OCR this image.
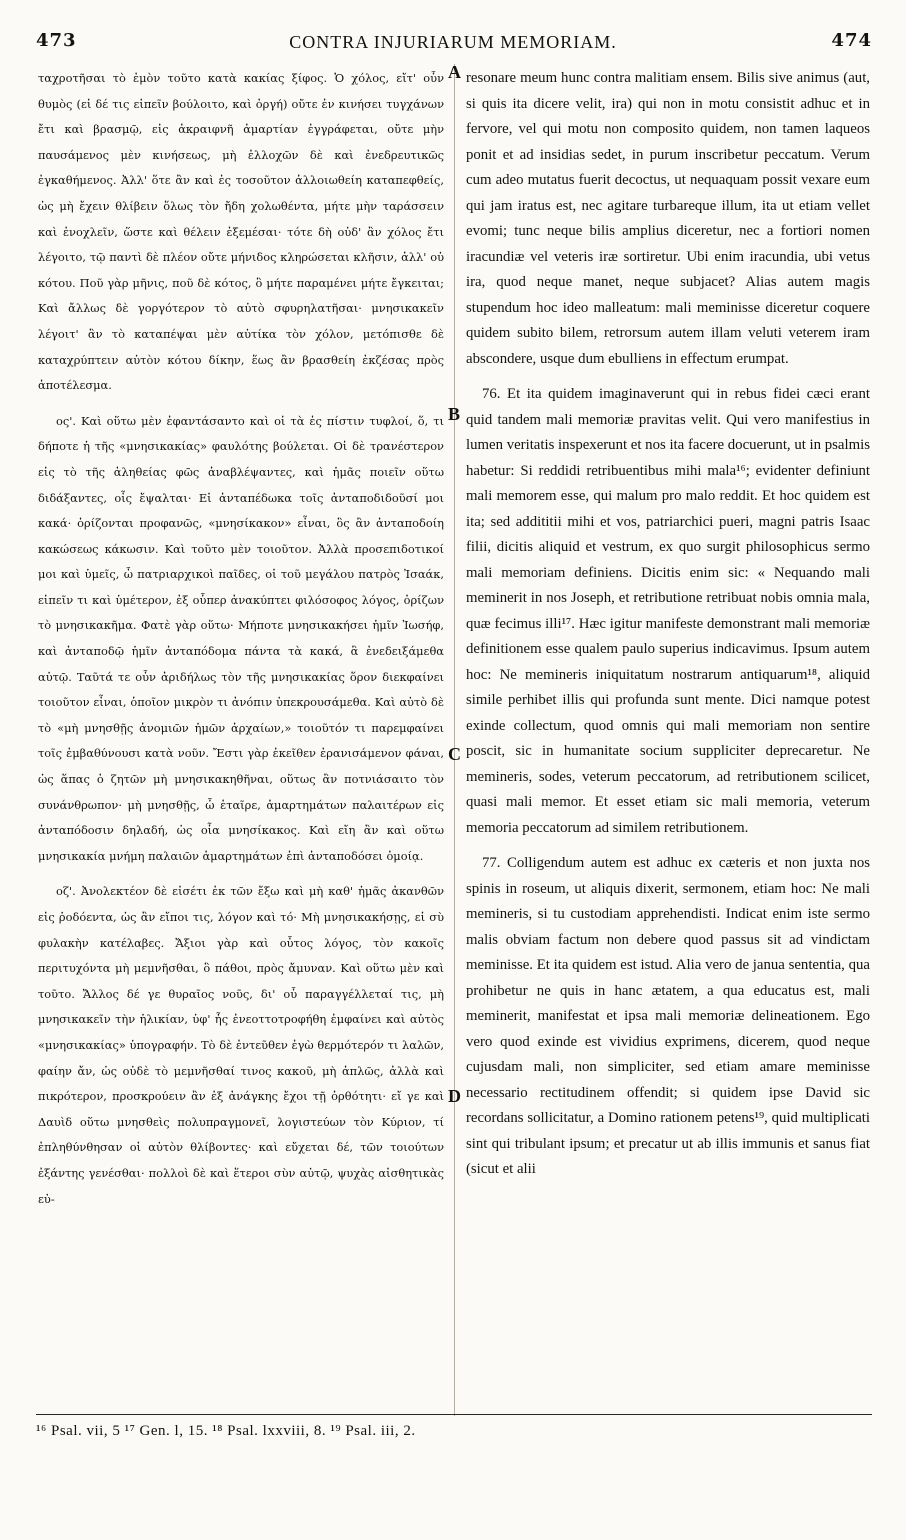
473	CONTRA INJURIARUM MEMORIAM.	474
A
B
C
D

ταχροτῆσαι τὸ ἐμὸν τοῦτο κατὰ κακίας ξίφος. Ὁ χόλος, εἴτ' οὖν θυμὸς (εἰ δέ τις εἰπεῖν βούλοιτο, καὶ ὀργή) οὔτε ἐν κινήσει τυγχάνων ἔτι καὶ βρασμῷ, εἰς ἀκραιφνῆ ἁμαρτίαν ἐγγράφεται, οὔτε μὴν παυσάμενος μὲν κινήσεως, μὴ ἐλλοχῶν δὲ καὶ ἐνεδρευτικῶς ἐγκαθήμενος. Ἀλλ' ὅτε ἂν καὶ ἐς τοσοῦτον ἀλλοιωθείη καταπεφθείς, ὡς μὴ ἔχειν θλίβειν ὅλως τὸν ἤδη χολωθέντα, μήτε μὴν ταράσσειν καὶ ἐνοχλεῖν, ὥστε καὶ θέλειν ἐξεμέσαι· τότε δὴ οὐδ' ἂν χόλος ἔτι λέγοιτο, τῷ παντὶ δὲ πλέον οὔτε μήνιδος κληρώσεται κλῆσιν, ἀλλ' οὐ κότου. Ποῦ γὰρ μῆνις, ποῦ δὲ κότος, ὃ μήτε παραμένει μήτε ἔγκειται; Καὶ ἄλλως δὲ γοργότερον τὸ αὐτὸ σφυρηλατῆσαι· μνησικακεῖν λέγοιτ' ἂν τὸ καταπέψαι μὲν αὐτίκα τὸν χόλον, μετόπισθε δὲ καταχρύπτειν αὐτὸν κότου δίκην, ἕως ἂν βρασθείη ἐκζέσας πρὸς ἀποτέλεσμα.

ος'. Καὶ οὕτω μὲν ἐφαντάσαντο καὶ οἱ τὰ ἐς πίστιν τυφλοί, ὅ, τι δήποτε ἡ τῆς «μνησικακίας» φαυλότης βούλεται. Οἱ δὲ τρανέστερον εἰς τὸ τῆς ἀληθείας φῶς ἀναβλέψαντες, καὶ ἡμᾶς ποιεῖν οὕτω διδάξαντες, οἷς ἔψαλται· Εἰ ἀνταπέδωκα τοῖς ἀνταποδιδοῦσί μοι κακά· ὁρίζονται προφανῶς, «μνησίκακον» εἶναι, ὃς ἂν ἀνταποδοίη κακώσεως κάκωσιν. Καὶ τοῦτο μὲν τοιοῦτον. Ἀλλὰ προσεπιδοτικοί μοι καὶ ὑμεῖς, ὦ πατριαρχικοὶ παῖδες, οἱ τοῦ μεγάλου πατρὸς Ἰσαάκ, εἰπεῖν τι καὶ ὑμέτερον, ἐξ οὗπερ ἀνακύπτει φιλόσοφος λόγος, ὁρίζων τὸ μνησικακῆμα. Φατὲ γὰρ οὕτω· Μήποτε μνησικακήσει ἡμῖν Ἰωσήφ, καὶ ἀνταποδῷ ἡμῖν ἀνταπόδομα πάντα τὰ κακά, ἃ ἐνεδειξάμεθα αὐτῷ. Ταῦτά τε οὖν ἀριδήλως τὸν τῆς μνησικακίας ὅρον διεκφαίνει τοιοῦτον εἶναι, ὁποῖον μικρὸν τι ἀνόπιν ὑπεκρουσάμεθα. Καὶ αὐτὸ δὲ τὸ «μὴ μνησθῇς ἀνομιῶν ἡμῶν ἀρχαίων,» τοιοῦτόν τι παρεμφαίνει τοῖς ἐμβαθύνουσι κατὰ νοῦν. Ἔστι γὰρ ἐκεῖθεν ἐρανισάμενον φάναι, ὡς ἅπας ὁ ζητῶν μὴ μνησικακηθῆναι, οὕτως ἂν ποτνιάσαιτο τὸν συνάνθρωπον· μὴ μνησθῇς, ὦ ἑταῖρε, ἁμαρτημάτων παλαιτέρων εἰς ἀνταπόδοσιν δηλαδή, ὡς οἷα μνησίκακος. Καὶ εἴη ἂν καὶ οὕτω μνησικακία μνήμη παλαιῶν ἁμαρτημάτων ἐπὶ ἀνταποδόσει ὁμοίᾳ.

οζ'. Ἀνολεκτέον δὲ εἰσέτι ἐκ τῶν ἔξω καὶ μὴ καθ' ἡμᾶς ἀκανθῶν εἰς ῥοδόεντα, ὡς ἂν εἴποι τις, λόγον καὶ τό· Μὴ μνησικακήσῃς, εἰ σὺ φυλακὴν κατέλαβες. Ἄξιοι γὰρ καὶ οὗτος λόγος, τὸν κακοῖς περιτυχόντα μὴ μεμνῆσθαι, ὃ πάθοι, πρὸς ἄμυναν. Καὶ οὕτω μὲν καὶ τοῦτο. Ἄλλος δέ γε θυραῖος νοῦς, δι' οὗ παραγγέλλεταί τις, μὴ μνησικακεῖν τὴν ἡλικίαν, ὑφ' ἧς ἐνεοττοτροφήθη ἐμφαίνει καὶ αὐτὸς «μνησικακίας» ὑπογραφήν. Τὸ δὲ ἐντεῦθεν ἐγὼ θερμότερόν τι λαλῶν, φαίην ἄν, ὡς οὐδὲ τὸ μεμνῆσθαί τινος κακοῦ, μὴ ἁπλῶς, ἀλλὰ καὶ πικρότερον, προσκρούειν ἂν ἐξ ἀνάγκης ἔχοι τῇ ὀρθότητι· εἴ γε καὶ Δαυὶδ οὕτω μνησθεὶς πολυπραγμονεῖ, λογιστεύων τὸν Κύριον, τί ἐπληθύνθησαν οἱ αὐτὸν θλίβοντες· καὶ εὔχεται δέ, τῶν τοιούτων ἐξάντης γενέσθαι· πολλοὶ δὲ καὶ ἕτεροι σὺν αὐτῷ, ψυχὰς αἰσθητικὰς εὐ-

resonare meum hunc contra malitiam ensem. Bilis sive animus (aut, si quis ita dicere velit, ira) qui non in motu consistit adhuc et in fervore, vel qui motu non composito quidem, non tamen laqueos ponit et ad insidias sedet, in purum inscribetur peccatum. Verum cum adeo mutatus fuerit decoctus, ut nequaquam possit vexare eum qui jam iratus est, nec agitare turbareque illum, ita ut etiam vellet evomi; tunc neque bilis amplius diceretur, nec a fortiori nomen iracundiæ vel veteris iræ sortiretur. Ubi enim iracundia, ubi vetus ira, quod neque manet, neque subjacet? Alias autem magis stupendum hoc ideo malleatum: mali meminisse diceretur coquere quidem subito bilem, retrorsum autem illam veluti veterem iram abscondere, usque dum ebulliens in effectum erumpat.

76. Et ita quidem imaginaverunt qui in rebus fidei cæci erant quid tandem mali memoriæ pravitas velit. Qui vero manifestius in lumen veritatis inspexerunt et nos ita facere docuerunt, ut in psalmis habetur: Si reddidi retribuentibus mihi mala¹⁶; evidenter definiunt mali memorem esse, qui malum pro malo reddit. Et hoc quidem est ita; sed addititii mihi et vos, patriarchici pueri, magni patris Isaac filii, dicitis aliquid et vestrum, ex quo surgit philosophicus sermo mali memoriam definiens. Dicitis enim sic: « Nequando mali meminerit in nos Joseph, et retributione retribuat nobis omnia mala, quæ fecimus illi¹⁷. Hæc igitur manifeste demonstrant mali memoriæ definitionem esse qualem paulo superius indicavimus. Ipsum autem hoc: Ne memineris iniquitatum nostrarum antiquarum¹⁸, aliquid simile perhibet illis qui profunda sunt mente. Dici namque potest exinde collectum, quod omnis qui mali memoriam non sentire poscit, sic in humanitate socium suppliciter deprecaretur. Ne memineris, sodes, veterum peccatorum, ad retributionem scilicet, quasi mali memor. Et esset etiam sic mali memoria, veterum memoria peccatorum ad similem retributionem.

77. Colligendum autem est adhuc ex cæteris et non juxta nos spinis in roseum, ut aliquis dixerit, sermonem, etiam hoc: Ne mali memineris, si tu custodiam apprehendisti. Indicat enim iste sermo malis obviam factum non debere quod passus sit ad vindictam meminisse. Et ita quidem est istud. Alia vero de janua sententia, qua prohibetur ne quis in hanc ætatem, a qua educatus est, mali meminerit, manifestat et ipsa mali memoriæ delineationem. Ego vero quod exinde est vividius exprimens, dicerem, quod neque cujusdam mali, non simpliciter, sed etiam amare meminisse necessario rectitudinem offendit; si quidem ipse David sic recordans sollicitatur, a Domino rationem petens¹⁹, quid multiplicati sint qui tribulant ipsum; et precatur ut ab illis immunis et sanus fiat (sicut et alii

¹⁶ Psal. vii, 5 ¹⁷ Gen. l, 15. ¹⁸ Psal. lxxviii, 8. ¹⁹ Psal. iii, 2.
